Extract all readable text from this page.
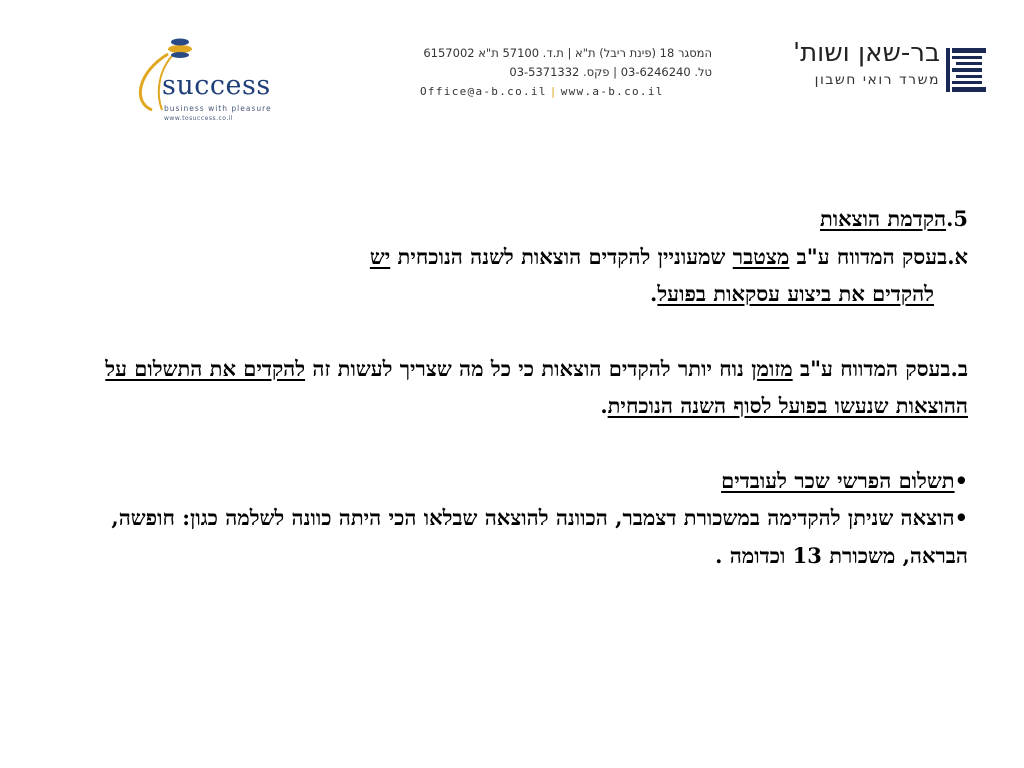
success
business with pleasure
www.tosuccess.co.il
המסגר 18 (פינת ריבל) ת"א | ת.ד. 57100 ת"א 6157002
טל. 03-6246240 | פקס. 03-5371332
Office@a-b.co.il | www.a-b.co.il
בר-שאן ושות'
משרד רואי חשבון

5.הקדמת הוצאות

א.בעסק המדווח ע"ב מצטבר שמעוניין להקדים הוצאות לשנה הנוכחית יש

להקדים את ביצוע עסקאות בפועל.

ב.בעסק המדווח ע"ב מזומן נוח יותר להקדים הוצאות כי כל מה שצריך לעשות זה להקדים את התשלום על ההוצאות שנעשו בפועל לסוף השנה הנוכחית.

•תשלום הפרשי שכר לעובדים

•הוצאה שניתן להקדימה במשכורת דצמבר, הכוונה להוצאה שבלאו הכי היתה כוונה לשלמה כגון: חופשה, הבראה, משכורת 13 וכדומה .
